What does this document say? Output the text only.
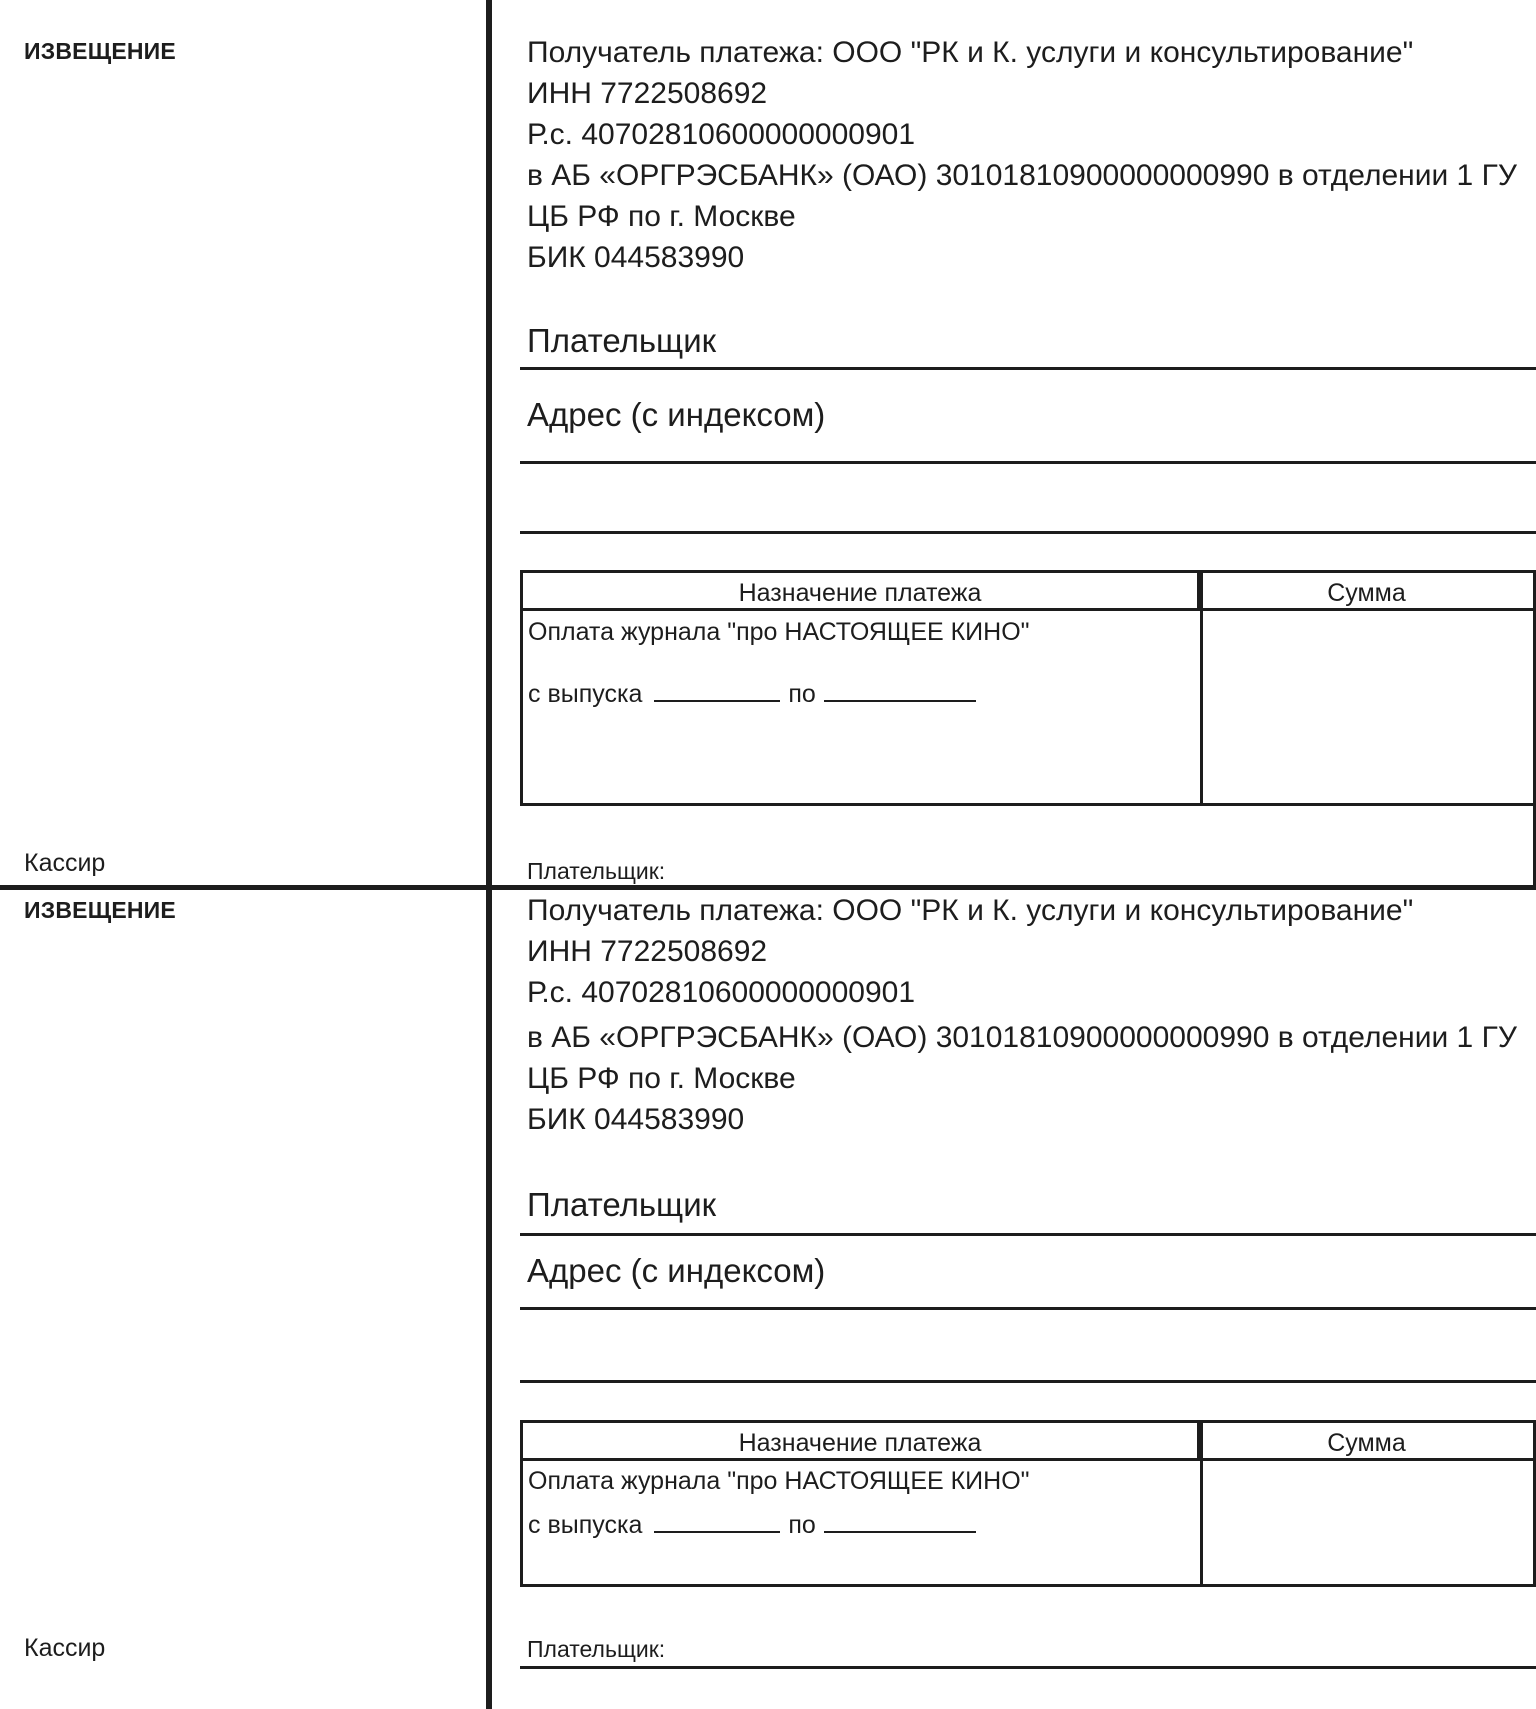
ИЗВЕЩЕНИЕ
Кассир
Получатель платежа: ООО "РК и К. услуги и консультирование"
ИНН 7722508692
Р.с. 40702810600000000901
в АБ «ОРГРЭСБАНК» (ОАО) 30101810900000000990 в отделении 1 ГУ
ЦБ РФ по г. Москве
БИК 044583990
Плательщик
Адрес (с индексом)
Назначение платежа	Сумма
Оплата журнала "про НАСТОЯЩЕЕ КИНО"
с выпуска	по
Плательщик:
ИЗВЕЩЕНИЕ
Кассир
Получатель платежа: ООО "РК и К. услуги и консультирование"
ИНН 7722508692
Р.с. 40702810600000000901
в АБ «ОРГРЭСБАНК» (ОАО) 30101810900000000990 в отделении 1 ГУ
ЦБ РФ по г. Москве
БИК 044583990
Плательщик
Адрес (с индексом)
Назначение платежа	Сумма
Оплата журнала "про НАСТОЯЩЕЕ КИНО"
с выпуска	по
Плательщик:
